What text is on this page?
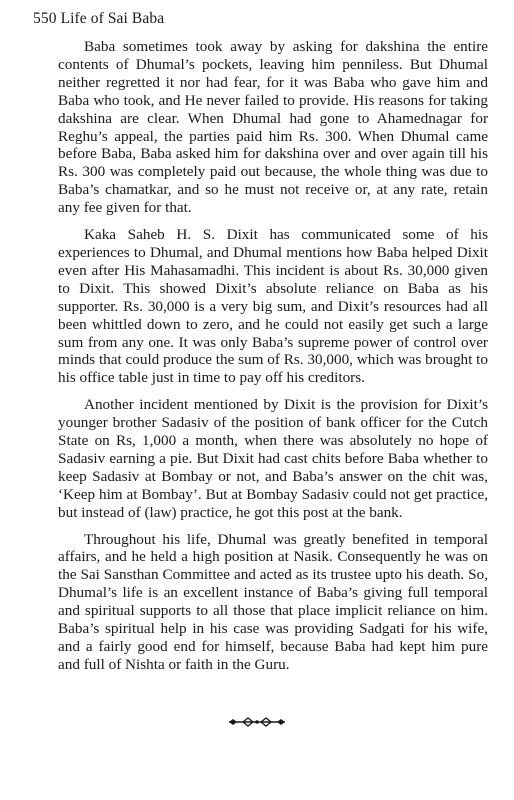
550 Life of Sai Baba

Baba sometimes took away by asking for dakshina the entire contents of Dhumal’s pockets, leaving him penniless. But Dhumal neither regretted it nor had fear, for it was Baba who gave him and Baba who took, and He never failed to provide. His reasons for taking dakshina are clear. When Dhumal had gone to Ahamednagar for Reghu’s appeal, the parties paid him Rs. 300. When Dhumal came before Baba, Baba asked him for dakshina over and over again till his Rs. 300 was completely paid out because, the whole thing was due to Baba’s chamatkar, and so he must not receive or, at any rate, retain any fee given for that.

Kaka Saheb H. S. Dixit has communicated some of his experiences to Dhumal, and Dhumal mentions how Baba helped Dixit even after His Mahasamadhi. This incident is about Rs. 30,000 given to Dixit. This showed Dixit’s absolute reliance on Baba as his supporter. Rs. 30,000 is a very big sum, and Dixit’s resources had all been whittled down to zero, and he could not easily get such a large sum from any one. It was only Baba’s supreme power of control over minds that could produce the sum of Rs. 30,000, which was brought to his office table just in time to pay off his creditors.

Another incident mentioned by Dixit is the provision for Dixit’s younger brother Sadasiv of the position of bank officer for the Cutch State on Rs, 1,000 a month, when there was absolutely no hope of Sadasiv earning a pie. But Dixit had cast chits before Baba whether to keep Sadasiv at Bombay or not, and Baba’s answer on the chit was, ‘Keep him at Bombay’. But at Bombay Sadasiv could not get practice, but instead of (law) practice, he got this post at the bank.

Throughout his life, Dhumal was greatly benefited in temporal affairs, and he held a high position at Nasik. Consequently he was on the Sai Sansthan Committee and acted as its trustee upto his death. So, Dhumal’s life is an excellent instance of Baba’s giving full temporal and spiritual supports to all those that place implicit reliance on him. Baba’s spiritual help in his case was providing Sadgati for his wife, and a fairly good end for himself, because Baba had kept him pure and full of Nishta or faith in the Guru.
